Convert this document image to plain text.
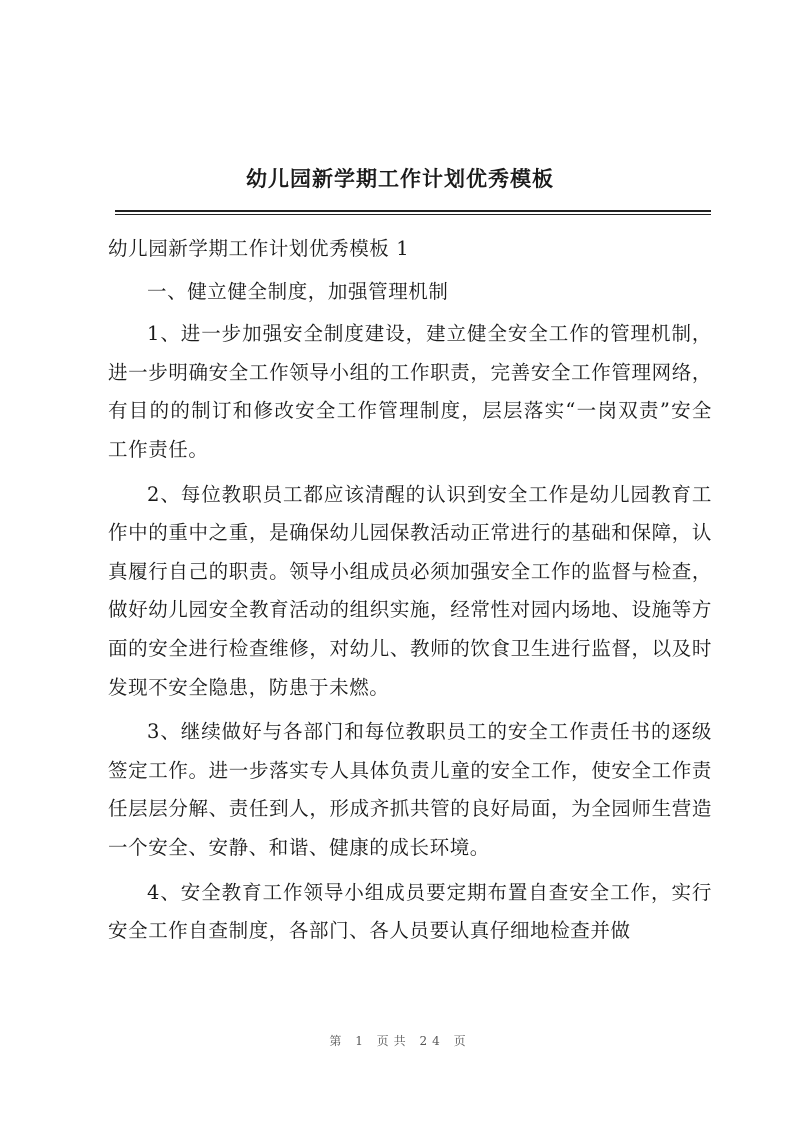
幼儿园新学期工作计划优秀模板

幼儿园新学期工作计划优秀模板 1

一、健立健全制度，加强管理机制

1、进一步加强安全制度建设，建立健全安全工作的管理机制，进一步明确安全工作领导小组的工作职责，完善安全工作管理网络，有目的的制订和修改安全工作管理制度，层层落实“一岗双责”安全工作责任。

2、每位教职员工都应该清醒的认识到安全工作是幼儿园教育工作中的重中之重，是确保幼儿园保教活动正常进行的基础和保障，认真履行自己的职责。领导小组成员必须加强安全工作的监督与检查，做好幼儿园安全教育活动的组织实施，经常性对园内场地、设施等方面的安全进行检查维修，对幼儿、教师的饮食卫生进行监督，以及时发现不安全隐患，防患于未燃。

3、继续做好与各部门和每位教职员工的安全工作责任书的逐级签定工作。进一步落实专人具体负责儿童的安全工作，使安全工作责任层层分解、责任到人，形成齐抓共管的良好局面，为全园师生营造一个安全、安静、和谐、健康的成长环境。

4、安全教育工作领导小组成员要定期布置自查安全工作，实行安全工作自查制度，各部门、各人员要认真仔细地检查并做

第 1 页共 24 页
